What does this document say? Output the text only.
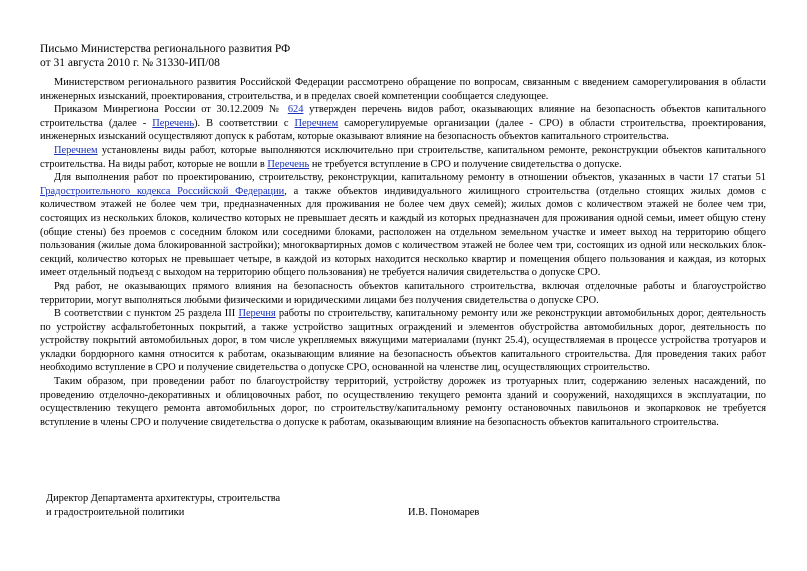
Письмо Министерства регионального развития РФ
от 31 августа 2010 г. № 31330-ИП/08

Министерством регионального развития Российской Федерации рассмотрено обращение по вопросам, связанным с введением саморегулирования в области инженерных изысканий, проектирования, строительства, и в пределах своей компетенции сообщается следующее.

Приказом Минрегиона России от 30.12.2009 № 624 утвержден перечень видов работ, оказывающих влияние на безопасность объектов капитального строительства (далее - Перечень). В соответствии с Перечнем саморегулируемые организации (далее - СРО) в области строительства, проектирования, инженерных изысканий осуществляют допуск к работам, которые оказывают влияние на безопасность объектов капитального строительства.

Перечнем установлены виды работ, которые выполняются исключительно при строительстве, капитальном ремонте, реконструкции объектов капитального строительства. На виды работ, которые не вошли в Перечень не требуется вступление в СРО и получение свидетельства о допуске.

Для выполнения работ по проектированию, строительству, реконструкции, капитальному ремонту в отношении объектов, указанных в части 17 статьи 51 Градостроительного кодекса Российской Федерации, а также объектов индивидуального жилищного строительства (отдельно стоящих жилых домов с количеством этажей не более чем три, предназначенных для проживания не более чем двух семей); жилых домов с количеством этажей не более чем три, состоящих из нескольких блоков, количество которых не превышает десять и каждый из которых предназначен для проживания одной семьи, имеет общую стену (общие стены) без проемов с соседним блоком или соседними блоками, расположен на отдельном земельном участке и имеет выход на территорию общего пользования (жилые дома блокированной застройки); многоквартирных домов с количеством этажей не более чем три, состоящих из одной или нескольких блок-секций, количество которых не превышает четыре, в каждой из которых находится несколько квартир и помещения общего пользования и каждая, из которых имеет отдельный подъезд с выходом на территорию общего пользования) не требуется наличия свидетельства о допуске СРО.

Ряд работ, не оказывающих прямого влияния на безопасность объектов капитального строительства, включая отделочные работы и благоустройство территории, могут выполняться любыми физическими и юридическими лицами без получения свидетельства о допуске СРО.

В соответствии с пунктом 25 раздела III Перечня работы по строительству, капитальному ремонту или же реконструкции автомобильных дорог, деятельность по устройству асфальтобетонных покрытий, а также устройство защитных ограждений и элементов обустройства автомобильных дорог, деятельность по устройству покрытий автомобильных дорог, в том числе укрепляемых вяжущими материалами (пункт 25.4), осуществляемая в процессе устройства тротуаров и укладки бордюрного камня относится к работам, оказывающим влияние на безопасность объектов капитального строительства. Для проведения таких работ необходимо вступление в СРО и получение свидетельства о допуске СРО, основанной на членстве лиц, осуществляющих строительство.

Таким образом, при проведении работ по благоустройству территорий, устройству дорожек из тротуарных плит, содержанию зеленых насаждений, по проведению отделочно-декоративных и облицовочных работ, по осуществлению текущего ремонта зданий и сооружений, находящихся в эксплуатации, по осуществлению текущего ремонта автомобильных дорог, по строительству/капитальному ремонту остановочных павильонов и экопарковок не требуется вступление в члены СРО и получение свидетельства о допуске к работам, оказывающим влияние на безопасность объектов капитального строительства.

Директор Департамента архитектуры, строительства
и градостроительной политики	И.В. Пономарев
